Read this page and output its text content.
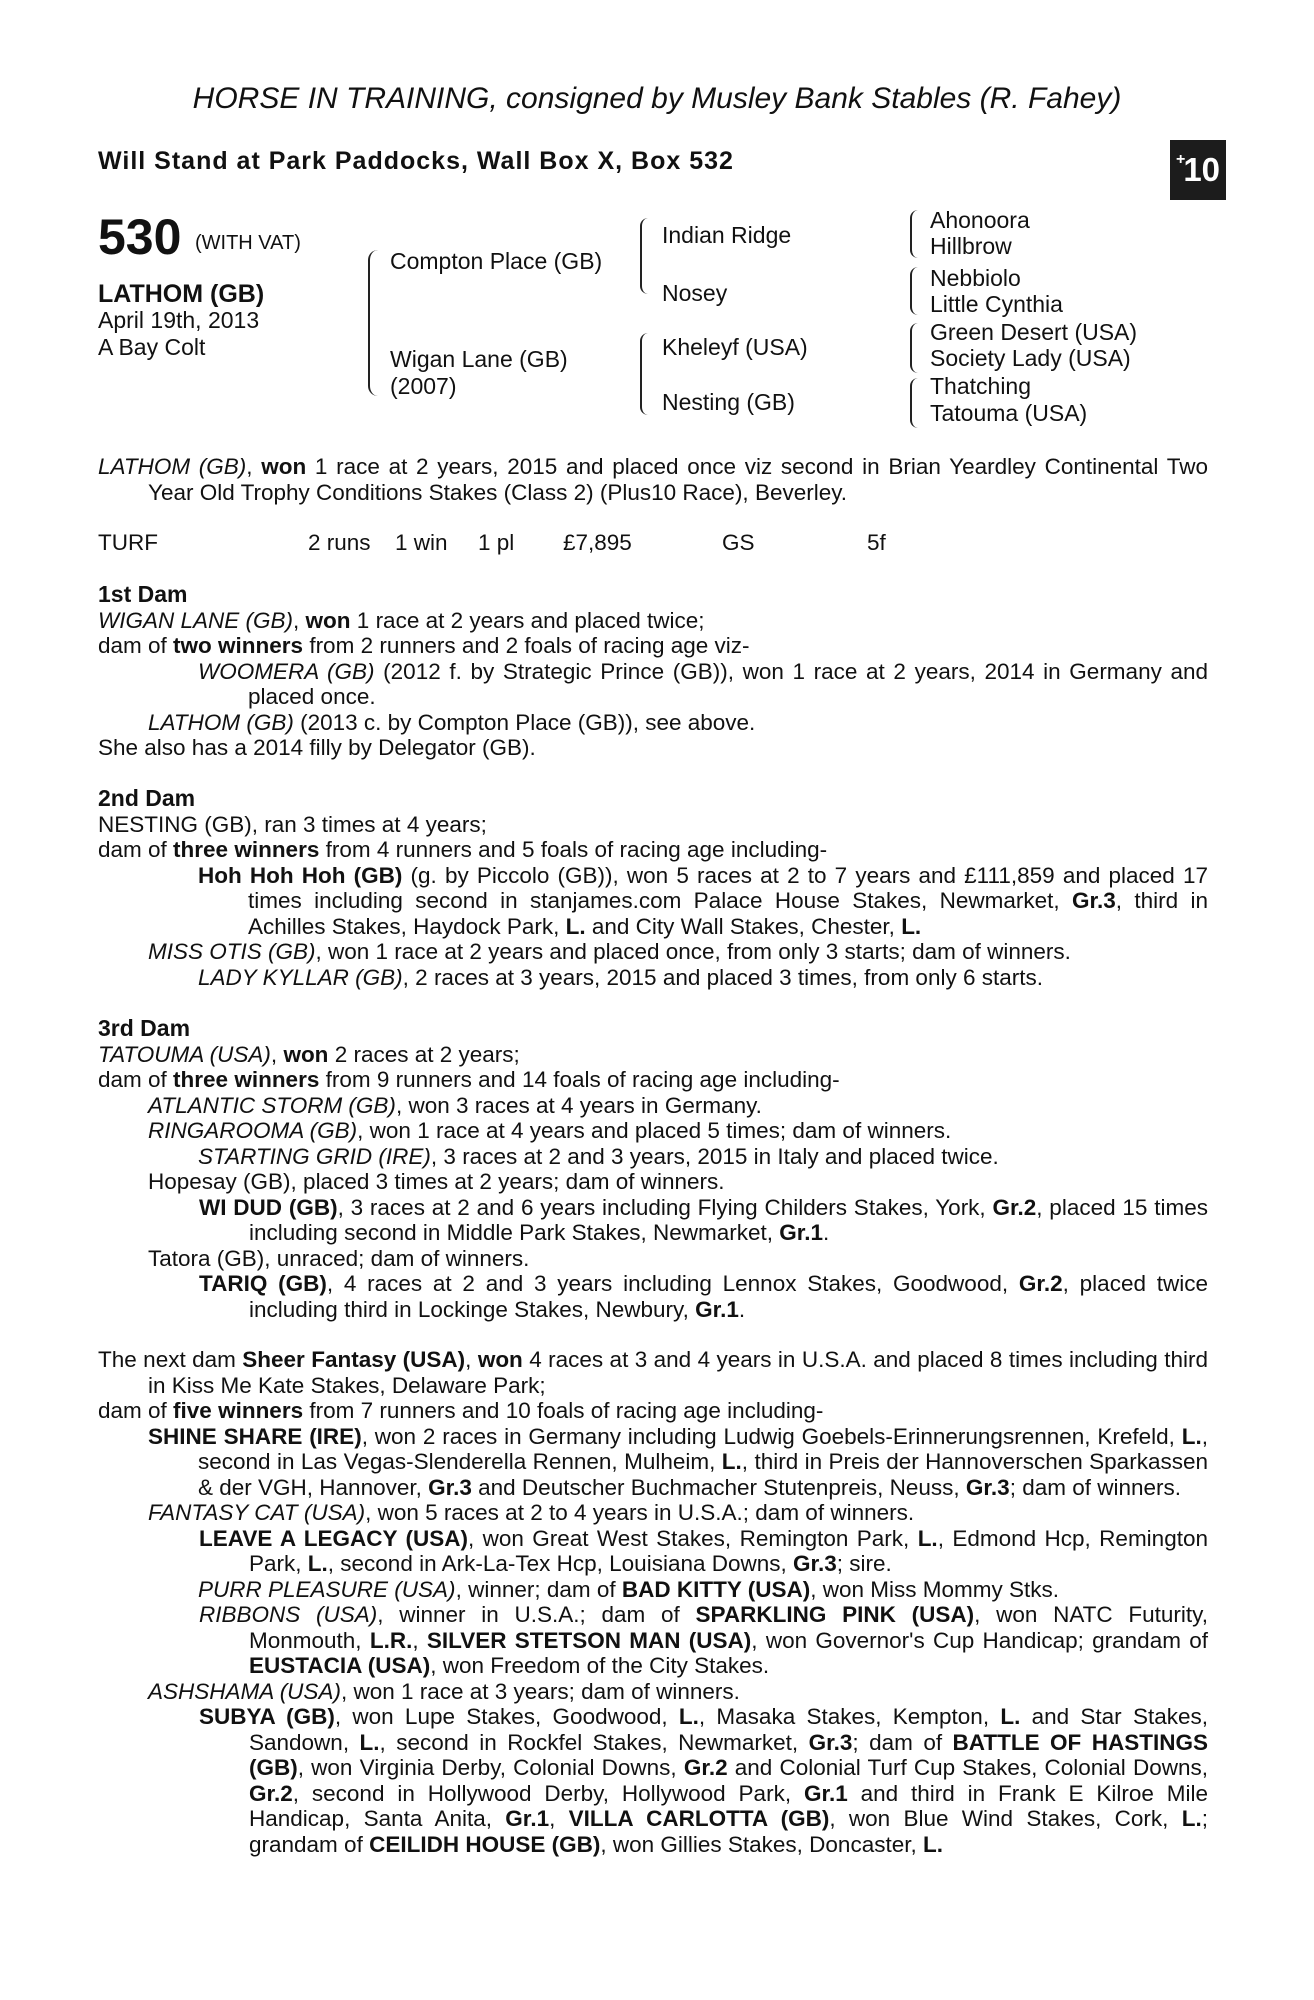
HORSE IN TRAINING, consigned by Musley Bank Stables (R. Fahey)
Will Stand at Park Paddocks, Wall Box X, Box 532	+
10
530 (WITH VAT)
LATHOM (GB)
April 19th, 2013
A Bay Colt
Compton Place (GB)
Wigan Lane (GB)
(2007)
Indian Ridge
Nosey
Kheleyf (USA)
Nesting (GB)
Ahonoora
Hillbrow
Nebbiolo
Little Cynthia
Green Desert (USA)
Society Lady (USA)
Thatching
Tatouma (USA)

LATHOM (GB), won 1 race at 2 years, 2015 and placed once viz second in Brian Yeardley Continental Two Year Old Trophy Conditions Stakes (Class 2) (Plus10 Race), Beverley.

TURF	2 runs 1 win 1 pl £7,895	GS	5f

1st Dam

WIGAN LANE (GB), won 1 race at 2 years and placed twice;

dam of two winners from 2 runners and 2 foals of racing age viz-

WOOMERA (GB) (2012 f. by Strategic Prince (GB)), won 1 race at 2 years, 2014 in Germany and placed once.

LATHOM (GB) (2013 c. by Compton Place (GB)), see above.

She also has a 2014 filly by Delegator (GB).

2nd Dam

NESTING (GB), ran 3 times at 4 years;

dam of three winners from 4 runners and 5 foals of racing age including-

Hoh Hoh Hoh (GB) (g. by Piccolo (GB)), won 5 races at 2 to 7 years and £111,859 and placed 17 times including second in stanjames.com Palace House Stakes, Newmarket, Gr.3, third in Achilles Stakes, Haydock Park, L. and City Wall Stakes, Chester, L.

MISS OTIS (GB), won 1 race at 2 years and placed once, from only 3 starts; dam of winners.

LADY KYLLAR (GB), 2 races at 3 years, 2015 and placed 3 times, from only 6 starts.

3rd Dam

TATOUMA (USA), won 2 races at 2 years;

dam of three winners from 9 runners and 14 foals of racing age including-

ATLANTIC STORM (GB), won 3 races at 4 years in Germany.

RINGAROOMA (GB), won 1 race at 4 years and placed 5 times; dam of winners.

STARTING GRID (IRE), 3 races at 2 and 3 years, 2015 in Italy and placed twice.

Hopesay (GB), placed 3 times at 2 years; dam of winners.

WI DUD (GB), 3 races at 2 and 6 years including Flying Childers Stakes, York, Gr.2, placed 15 times including second in Middle Park Stakes, Newmarket, Gr.1.

Tatora (GB), unraced; dam of winners.

TARIQ (GB), 4 races at 2 and 3 years including Lennox Stakes, Goodwood, Gr.2, placed twice including third in Lockinge Stakes, Newbury, Gr.1.

The next dam Sheer Fantasy (USA), won 4 races at 3 and 4 years in U.S.A. and placed 8 times including third in Kiss Me Kate Stakes, Delaware Park;

dam of five winners from 7 runners and 10 foals of racing age including-

SHINE SHARE (IRE), won 2 races in Germany including Ludwig Goebels-Erinnerungsrennen, Krefeld, L., second in Las Vegas-Slenderella Rennen, Mulheim, L., third in Preis der Hannoverschen Sparkassen & der VGH, Hannover, Gr.3 and Deutscher Buchmacher Stutenpreis, Neuss, Gr.3; dam of winners.

FANTASY CAT (USA), won 5 races at 2 to 4 years in U.S.A.; dam of winners.

LEAVE A LEGACY (USA), won Great West Stakes, Remington Park, L., Edmond Hcp, Remington Park, L., second in Ark-La-Tex Hcp, Louisiana Downs, Gr.3; sire.

PURR PLEASURE (USA), winner; dam of BAD KITTY (USA), won Miss Mommy Stks.

RIBBONS (USA), winner in U.S.A.; dam of SPARKLING PINK (USA), won NATC Futurity, Monmouth, L.R., SILVER STETSON MAN (USA), won Governor's Cup Handicap; grandam of EUSTACIA (USA), won Freedom of the City Stakes.

ASHSHAMA (USA), won 1 race at 3 years; dam of winners.

SUBYA (GB), won Lupe Stakes, Goodwood, L., Masaka Stakes, Kempton, L. and Star Stakes, Sandown, L., second in Rockfel Stakes, Newmarket, Gr.3; dam of BATTLE OF HASTINGS (GB), won Virginia Derby, Colonial Downs, Gr.2 and Colonial Turf Cup Stakes, Colonial Downs, Gr.2, second in Hollywood Derby, Hollywood Park, Gr.1 and third in Frank E Kilroe Mile Handicap, Santa Anita, Gr.1, VILLA CARLOTTA (GB), won Blue Wind Stakes, Cork, L.; grandam of CEILIDH HOUSE (GB), won Gillies Stakes, Doncaster, L.
